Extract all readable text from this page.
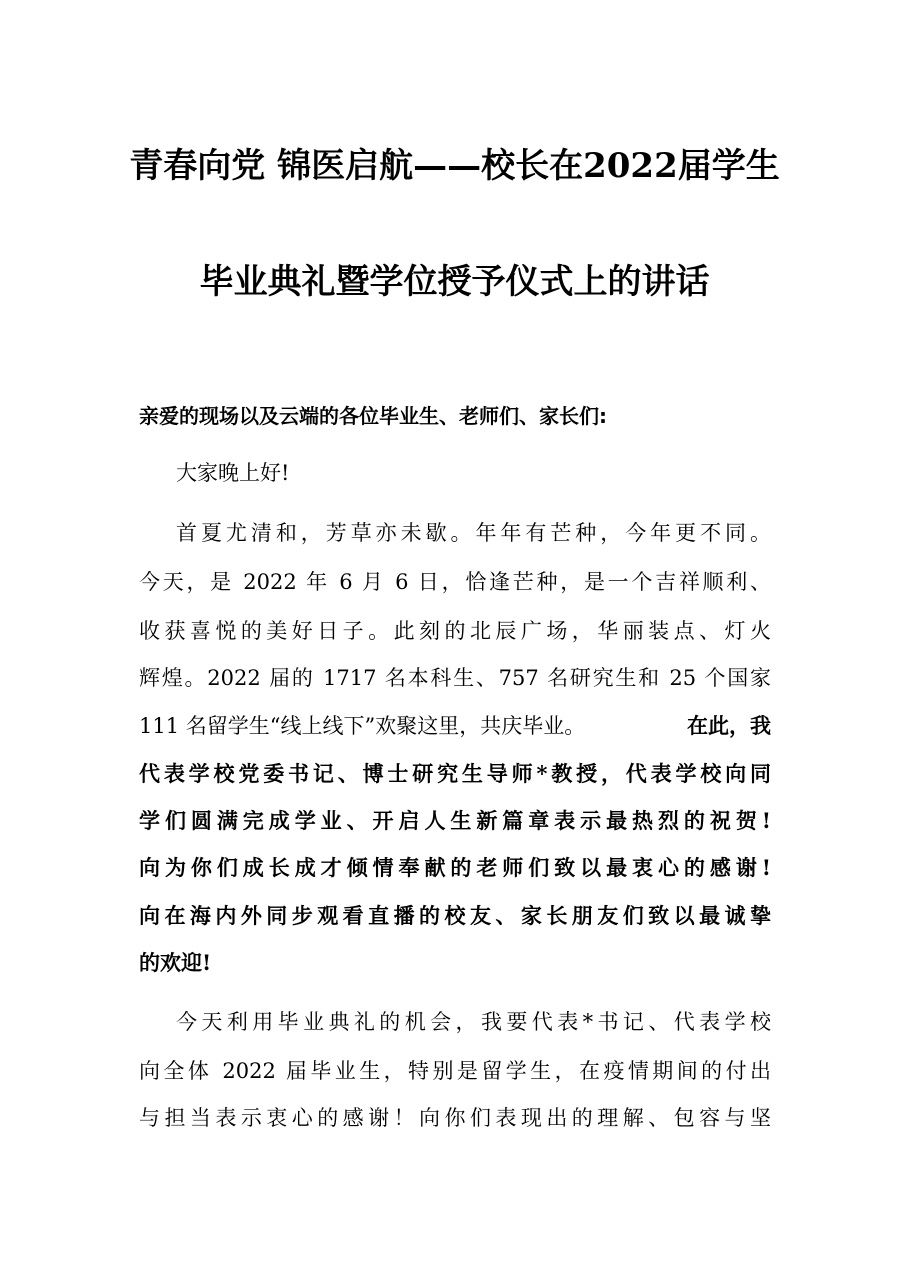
青春向党 锦医启航——校长在2022届学生
毕业典礼暨学位授予仪式上的讲话
亲爱的现场以及云端的各位毕业生、老师们、家长们:
大家晚上好!
首夏尤清和，芳草亦未歇。年年有芒种，今年更不同。
今天，是 2022 年 6 月 6 日，恰逢芒种，是一个吉祥顺利、
收获喜悦的美好日子。此刻的北辰广场，华丽装点、灯火
辉煌。2022 届的 1717 名本科生、757 名研究生和 25 个国家
111 名留学生“线上线下”欢聚这里，共庆毕业。	在此，我
代表学校党委书记、博士研究生导师*教授，代表学校向同
学们圆满完成学业、开启人生新篇章表示最热烈的祝贺!
向为你们成长成才倾情奉献的老师们致以最衷心的感谢!
向在海内外同步观看直播的校友、家长朋友们致以最诚挚
的欢迎!
今天利用毕业典礼的机会，我要代表*书记、代表学校
向全体 2022 届毕业生，特别是留学生，在疫情期间的付出
与担当表示衷心的感谢！向你们表现出的理解、包容与坚
